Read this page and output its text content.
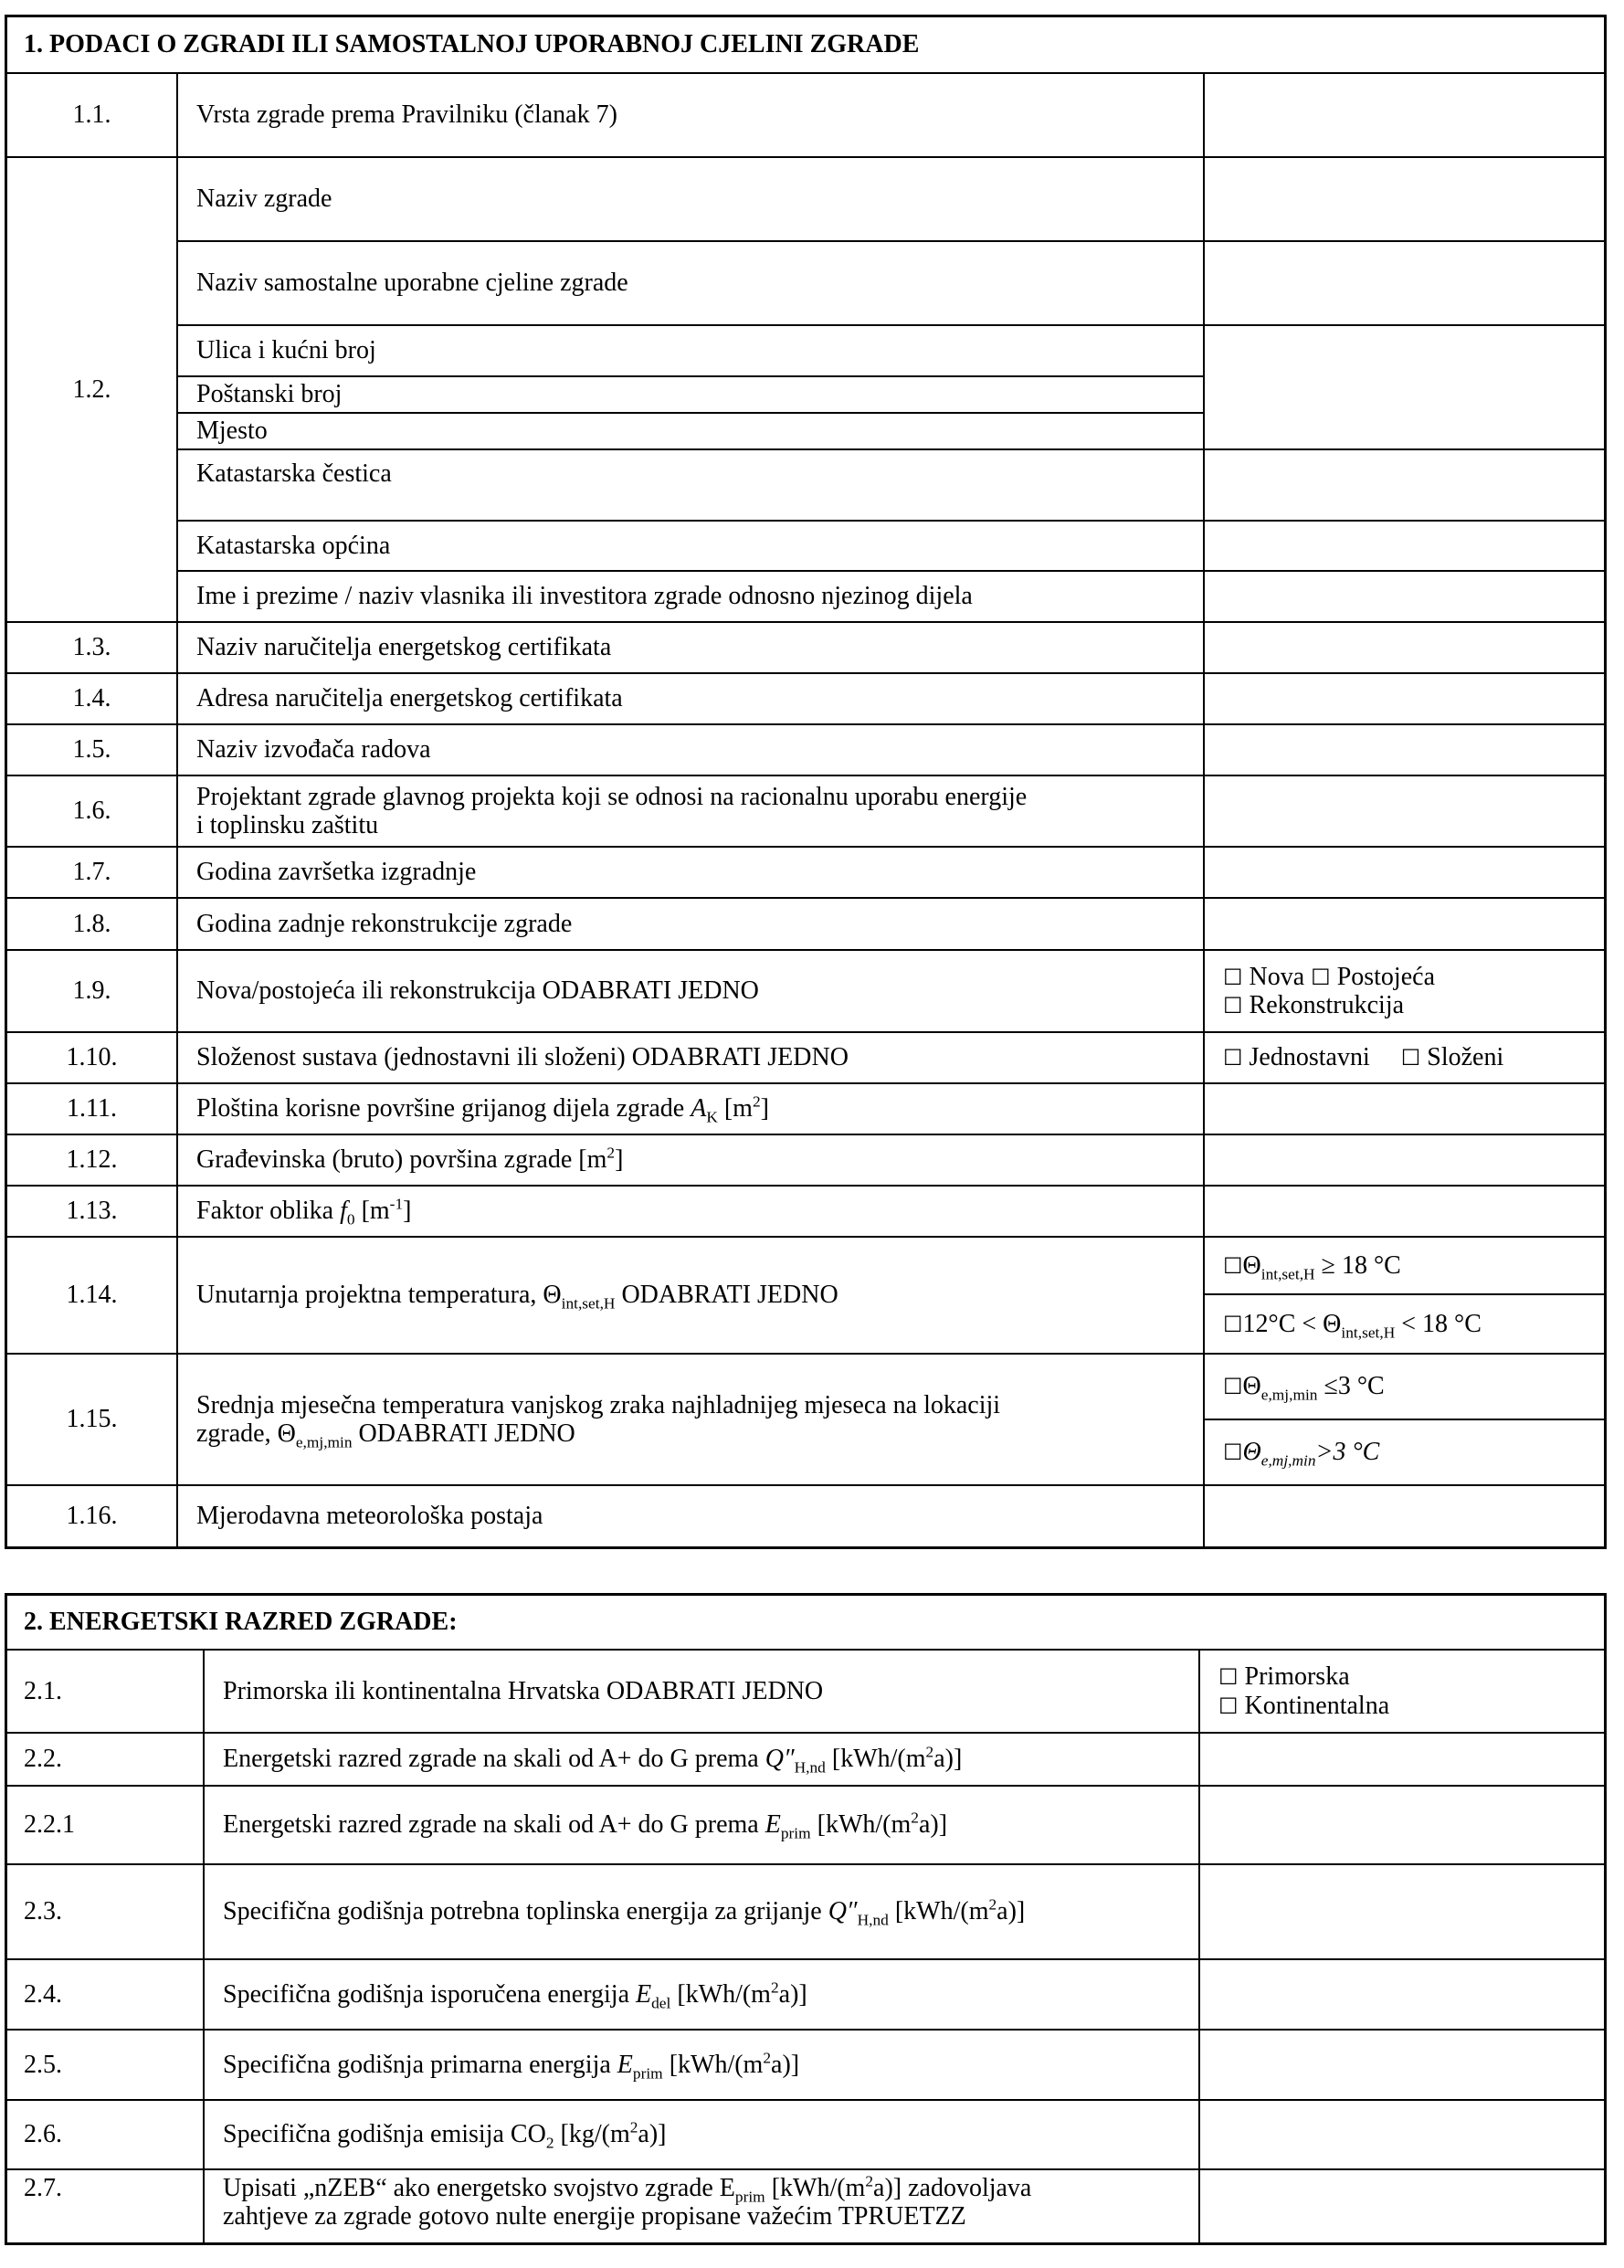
1. PODACI O ZGRADI ILI SAMOSTALNOJ UPORABNOJ CJELINI ZGRADE
1.1.	Vrsta zgrade prema Pravilniku (članak 7)	
1.2.	Naziv zgrade	
	Naziv samostalne uporabne cjeline zgrade	
	Ulica i kućni broj	
	Poštanski broj	
	Mjesto	
	Katastarska čestica	
	Katastarska općina	
	Ime i prezime / naziv vlasnika ili investitora zgrade odnosno njezinog dijela	
1.3.	Naziv naručitelja energetskog certifikata	
1.4.	Adresa naručitelja energetskog certifikata	
1.5.	Naziv izvođača radova	
1.6.	Projektant zgrade glavnog projekta koji se odnosi na racionalnu uporabu energije
i toplinsku zaštitu	

1.7.	Godina završetka izgradnje	
1.8.	Godina zadnje rekonstrukcije zgrade	
1.9.	Nova/postojeća ili rekonstrukcija ODABRATI JEDNO	☐ Nova ☐ Postojeća
☐ Rekonstrukcija

1.10.	Složenost sustava (jednostavni ili složeni) ODABRATI JEDNO	☐ Jednostavni ☐ Složeni
1.11.	Ploština korisne površine grijanog dijela zgrade $A_K$ $[m^2]$	
1.12.	Građevinska (bruto) površina zgrade $[m^2]$	
1.13.	Faktor oblika $f_0$ $[m^{-1}]$	
1.14.	Unutarnja projektna temperatura, $\Theta_{int,set,H}$ ODABRATI JEDNO	$☐\Theta_{int,set,H} \ge 18$ °C
		☐12°C < $\Theta_{int,set,H} < 18$ °C
1.15.	Srednja mjesečna temperatura vanjskog zraka najhladnijeg mjeseca na lokaciji
zgrade, $\Theta_{e,mj,min}$ ODABRATI JEDNO	$☐\Theta_{e,mj,min} \le 3$ °C
		$☐\Theta_{e,mj,min}>3$ °C
1.16.	Mjerodavna meteorološka postaja	
2. ENERGETSKI RAZRED ZGRADE:
2.1.	Primorska ili kontinentalna Hrvatska ODABRATI JEDNO	☐ Primorska
☐ Kontinentalna

2.2.	Energetski razred zgrade na skali od A+ do G prema $Q''_{H,nd}$ $[kWh/(m^2a)]$	
2.2.1	Energetski razred zgrade na skali od A+ do G prema $E_{prim}$ $[kWh/(m^2a)]$	
2.3.	Specifična godišnja potrebna toplinska energija za grijanje $Q''_{H,nd}$ $[kWh/(m^2a)]$	
2.4.	Specifična godišnja isporučena energija $E_{del}$ $[kWh/(m^2a)]$	
2.5.	Specifična godišnja primarna energija $E_{prim}$ $[kWh/(m^2a)]$	
2.6.	Specifična godišnja emisija $CO_2$ $[kg/(m^2a)]$	
2.7.	Upisati „nZEB“ ako energetsko svojstvo zgrade $E_{prim}$ $[kWh/(m^2a)]$ zadovoljava
zahtjeve za zgrade gotovo nulte energije propisane važećim TPRUETZZ	
